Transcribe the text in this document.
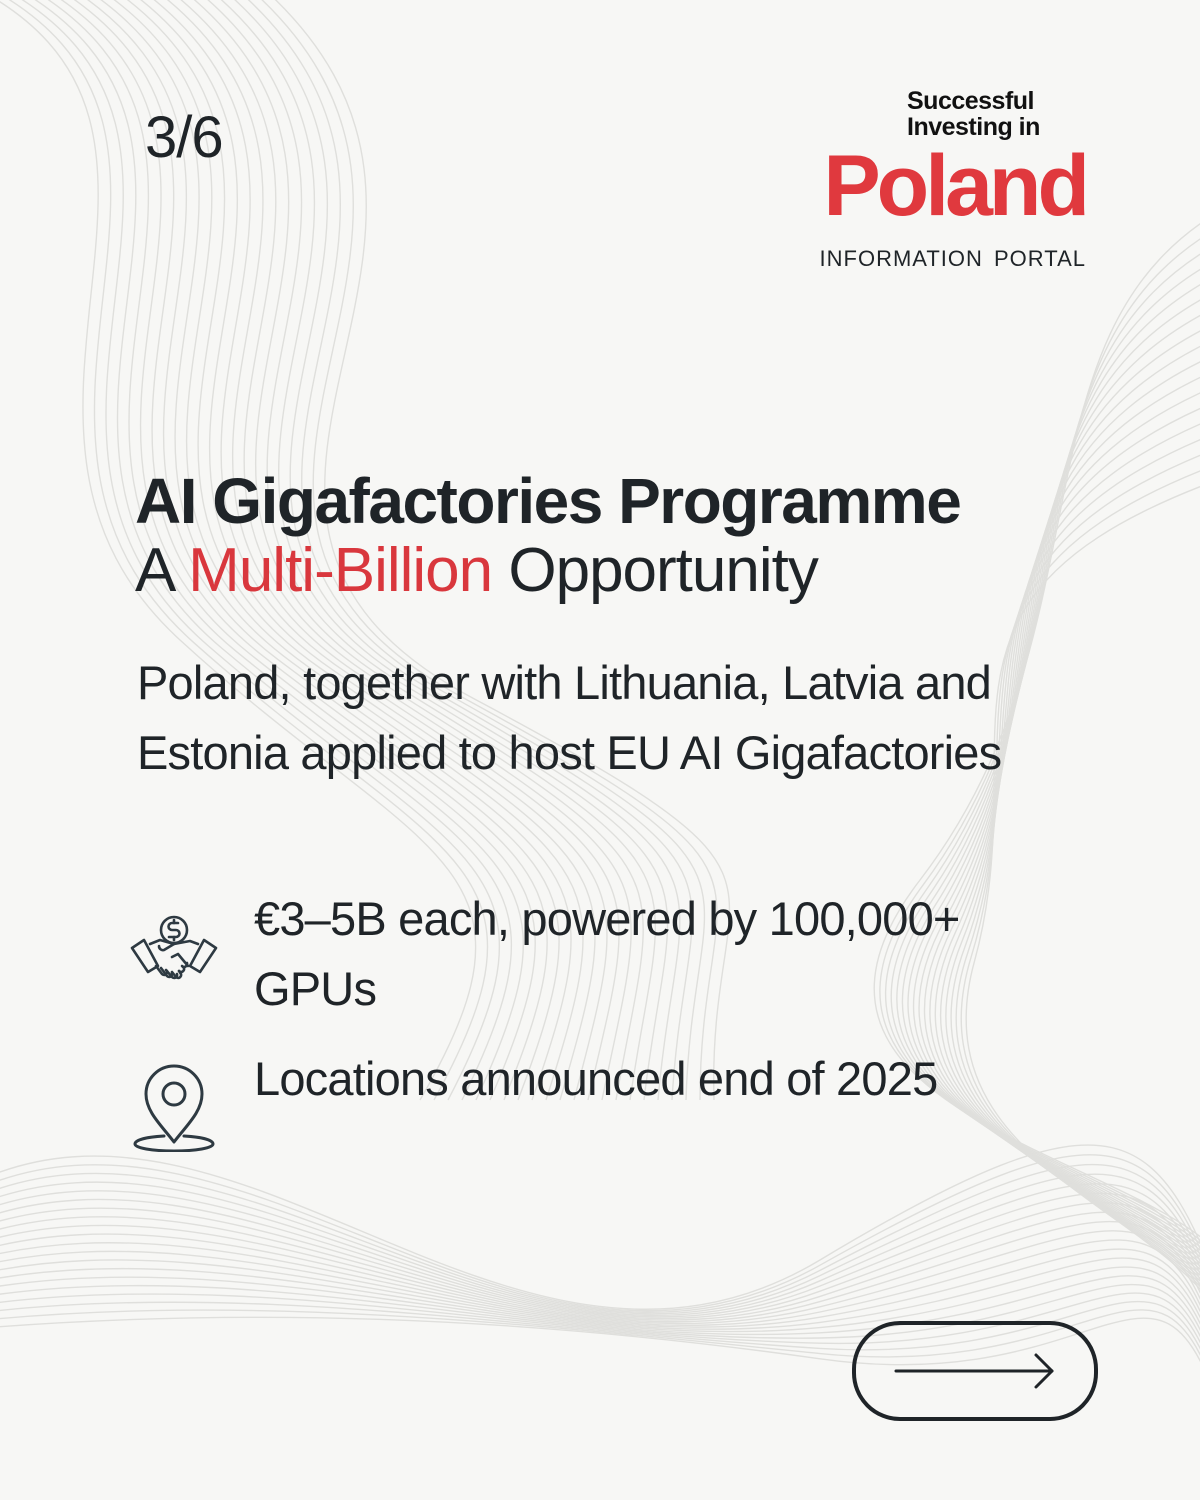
3/6
Successful Investing in
Poland
INFORMATION PORTAL
AI Gigafactories Programme

A Multi-Billion Opportunity

Poland, together with Lithuania, Latvia and Estonia applied to host EU AI Gigafactories

€3–5B each, powered by 100,000+ GPUs

Locations announced end of 2025
